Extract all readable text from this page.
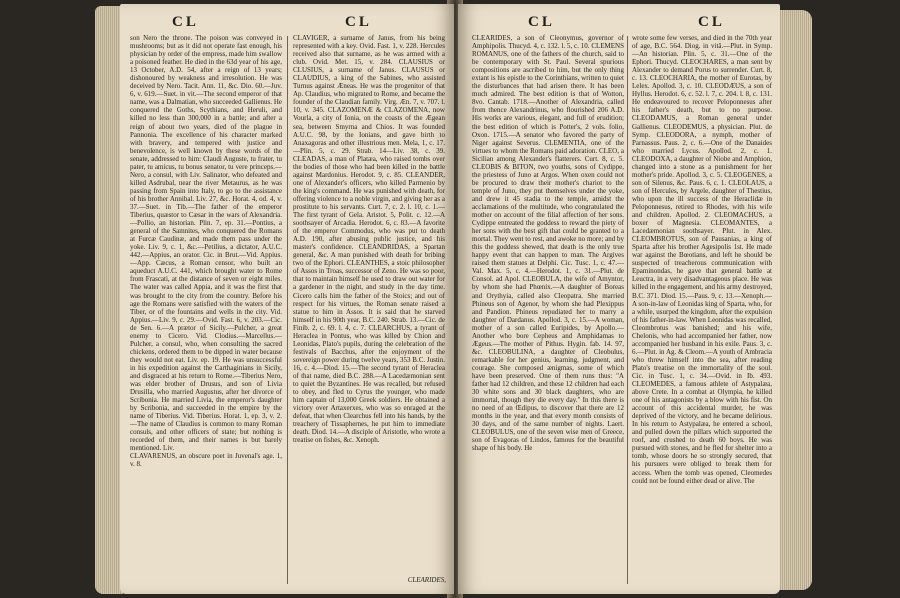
CL	CL

son Nero the throne. The poison was conveyed in mushrooms; but as it did not operate fast enough, his physician by order of the empress, made him swallow a poisoned feather. He died in the 63d year of his age, 13 October, A.D. 54, after a reign of 13 years; dishonoured by weakness and irresolution. He was deceived by Nero. Tacit. Ann. 11, &c. Dio. 60.—Juv. 6, v. 619.—Suet. in vit.—The second emperor of that name, was a Dalmatian, who succeeded Gallienus. He conquered the Goths, Scythians, and Heruli, and killed no less than 300,000 in a battle; and after a reign of about two years, died of the plague in Pannonia. The excellence of his character marked with bravery, and tempered with justice and benevolence, is well known by these words of the senate, addressed to him: Claudi Auguste, tu frater, tu pater, tu amicus, tu bonus senator, tu vere princeps.—Nero, a consul, with Liv. Salinator, who defeated and killed Asdrubal, near the river Metaurus, as he was passing from Spain into Italy, to go to the assistance of his brother Annibal. Liv. 27, &c. Horat. 4, od. 4, v. 37.—Suet. in Tib.—The father of the emperor Tiberius, quæstor to Cæsar in the wars of Alexandria.—Pollio, an historian. Plin. 7, ep. 31.—Pontius, a general of the Samnites, who conquered the Romans at Furcæ Caudinæ, and made them pass under the yoke. Liv. 9, c. 1, &c.—Petilius, a dictator, A.U.C. 442.—Appius, an orator. Cic. in Brut.—Vid. Appius.—App. Cæcus, a Roman censor, who built an aqueduct A.U.C. 441, which brought water to Rome from Frascati, at the distance of seven or eight miles. The water was called Appia, and it was the first that was brought to the city from the country. Before his age the Romans were satisfied with the waters of the Tiber, or of the fountains and wells in the city. Vid. Appius.—Liv. 9, c. 29.—Ovid. Fast. 6, v. 203.—Cic. de Sen. 6.—A prætor of Sicily.—Pulcher, a great enemy to Cicero. Vid. Clodius.—Marcellus.—Pulcher, a consul, who, when consulting the sacred chickens, ordered them to be dipped in water because they would not eat. Liv. ep. 19. He was unsuccessful in his expedition against the Carthaginians in Sicily, and disgraced at his return to Rome.—Tiberius Nero, was elder brother of Drusus, and son of Livia Drusilla, who married Augustus, after her divorce of Scribonia. He married Livia, the emperor's daughter by Scribonia, and succeeded in the empire by the name of Tiberius. Vid. Tiberius. Horat. 1, ep. 3, v. 2.—The name of Claudius is common to many Roman consuls, and other officers of state; but nothing is recorded of them, and their names is but barely mentioned. Liv.

CLAVARENUS, an obscure poet in Juvenal's age. 1, v. 8.

CLAVIGER, a surname of Janus, from his being represented with a key. Ovid. Fast. 1, v. 228. Hercules received also that surname, as he was armed with a club. Ovid. Met. 15, v. 284. CLAUSIUS or CLUSIUS, a surname of Janus. CLAUSUS or CLAUDIUS, a king of the Sabines, who assisted Turnus against Æneas. He was the progenitor of that Ap. Claudius, who migrated to Rome, and became the founder of the Claudian family. Virg. Æn. 7, v. 707. l. 10, v. 345. CLAZOMENÆ & CLAZOMENA, now Vourla, a city of Ionia, on the coasts of the Ægean sea, between Smyrna and Chios. It was founded A.U.C. 98, by the Ionians, and gave birth to Anaxagoras and other illustrious men. Mela, 1, c. 17.—Plin. 5, c. 29. Strab. 14—Liv. 38, c. 39. CLEADAS, a man of Platæa, who raised tombs over the bodies of those who had been killed in the battle against Mardonius. Herodot. 9, c. 85. CLEANDER, one of Alexander's officers, who killed Parmenio by the king's command. He was punished with death, for offering violence to a noble virgin, and giving her as a prostitute to his servants. Curt. 7, c. 2. l. 10, c. 1.—The first tyrant of Gela. Aristot. 5, Polit. c. 12.—A soothsayer of Arcadia. Herodot. 6, c. 83.—A favorite of the emperor Commodus, who was put to death A.D. 190, after abusing public justice, and his master's confidence. CLEANDRIDAS, a Spartan general, &c. A man punished with death for bribing two of the Ephori. CLEANTHES, a stoic philosopher of Assos in Troas, successor of Zeno. He was so poor, that to maintain himself he used to draw out water for a gardener in the night, and study in the day time. Cicero calls him the father of the Stoics; and out of respect for his virtues, the Roman senate raised a statue to him in Assos. It is said that he starved himself in his 90th year, B.C. 240. Strab. 13.—Cic. de Finib. 2, c. 69. l. 4, c. 7. CLEARCHUS, a tyrant of Heraclea in Pontus, who was killed by Chion and Leonidas, Plato's pupils, during the celebration of the festivals of Bacchus, after the enjoyment of the sovereign power during twelve years, 353 B.C. Justin. 16, c. 4.—Diod. 15.—The second tyrant of Heraclea of that name, died B.C. 288.—A Lacedæmonian sent to quiet the Byzantines. He was recalled, but refused to obey, and fled to Cyrus the younger, who made him captain of 13,000 Greek soldiers. He obtained a victory over Artaxerxes, who was so enraged at the defeat, that when Clearchus fell into his hands, by the treachery of Tissaphernes, he put him to immediate death. Diod. 14.—A disciple of Aristotle, who wrote a treatise on fishes, &c. Xenoph.

CLEARIDES,
CL	CL

CLEARIDES, a son of Cleonymus, governor of Amphipolis. Thucyd. 4, c. 132. l. 5, c. 10. CLEMENS ROMANUS, one of the fathers of the church, said to be contemporary with St. Paul. Several spurious compositions are ascribed to him, but the only thing extant is his epistle to the Corinthians, written to quiet the disturbances that had arisen there. It has been much admired. The best edition is that of Wotton, 8vo. Cantab. 1718.—Another of Alexandria, called from thence Alexandrinus, who flourished 206 A.D. His works are various, elegant, and full of erudition; the best edition of which is Potter's, 2 vols. folio, Oxon. 1715.—A senator who favored the party of Niger against Severus. CLEMENTIA, one of the virtues to whom the Romans paid adoration. CLEO, a Sicilian among Alexander's flatterers. Curt. 8, c. 5. CLEOBIS & BITON, two youths, sons of Cydippe, the priestess of Juno at Argos. When oxen could not be procured to draw their mother's chariot to the temple of Juno, they put themselves under the yoke, and drew it 45 stadia to the temple, amidst the acclamations of the multitude, who congratulated the mother on account of the filial affection of her sons. Cydippe entreated the goddess to reward the piety of her sons with the best gift that could be granted to a mortal. They went to rest, and awoke no more; and by this the goddess shewed, that death is the only true happy event that can happen to man. The Argives raised them statues at Delphi. Cic. Tusc. 1, c. 47.—Val. Max. 5, c. 4.—Herodot. 1, c. 31.—Plut. de Consol. ad Apol. CLEOBULA, the wife of Amyntor, by whom she had Phœnix.—A daughter of Boreas and Orythyia, called also Cleopatra. She married Phineus son of Agenor, by whom she had Plexippus and Pandion. Phineus repudiated her to marry a daughter of Dardanus. Apollod. 3, c. 15.—A woman, mother of a son called Euripides, by Apollo.—Another who bore Cepheus and Amphidamas to Ægeus.—The mother of Pithus. Hygin. fab. 14. 97, &c. CLEOBULINA, a daughter of Cleobulus, remarkable for her genius, learning, judgment, and courage. She composed ænigmas, some of which have been preserved. One of them runs thus: "A father had 12 children, and these 12 children had each 30 white sons and 30 black daughters, who are immortal, though they die every day." In this there is no need of an Œdipus, to discover that there are 12 months in the year, and that every month consists of 30 days, and of the same number of nights. Laert. CLEOBULUS, one of the seven wise men of Greece, son of Evagoras of Lindos, famous for the beautiful shape of his body. He

wrote some few verses, and died in the 70th year of age, B.C. 564. Diog. in vitâ.—Plut. in Symp.—An historian. Plin. 5, c. 31.—One of the Ephori. Thucyd. CLEOCHARES, a man sent by Alexander to demand Porus to surrender. Curt. 8, c. 13. CLEOCHARIA, the mother of Eurotas, by Lelex. Apollod. 3, c. 10. CLEODÆUS, a son of Hyllus. Herodot. 6, c. 52. l. 7, c. 204. l. 8, c. 131. He endeavoured to recover Peloponnesus after his father's death, but to no purpose. CLEODAMUS, a Roman general under Gallienus. CLEODEMUS, a physician. Plut. de Symp. CLEODORA, a nymph, mother of Parnassus. Paus. 2, c. 6.—One of the Danaides who married Lycus. Apollod. 2, c. 1. CLEODOXA, a daughter of Niobe and Amphion, changed into a stone as a punishment for her mother's pride. Apollod. 3, c. 5. CLEOGENES, a son of Silenus, &c. Paus. 6, c. 1. CLEOLAUS, a son of Hercules, by Argele, daughter of Thestius, who upon the ill success of the Heraclidæ in Peloponnesus, retired to Rhodes, with his wife and children. Apollod. 2. CLEOMACHUS, a boxer of Magnesia. CLEOMANTES, a Lacedæmonian soothsayer. Plut. in Alex. CLEOMBROTUS, son of Pausanias, a king of Sparta after his brother Agesipolis 1st. He made war against the Bœotians, and left he should be suspected of treacherous communication with Epaminondas, he gave that general battle at Leuctra, in a very disadvantageous place. He was killed in the engagement, and his army destroyed, B.C. 371. Diod. 15.—Paus. 9, c. 13.—Xenoph.—A son-in-law of Leonidas king of Sparta, who, for a while, usurped the kingdom, after the expulsion of his father-in-law. When Leonidas was recalled, Cleombrotus was banished; and his wife, Chelonis, who had accompanied her father, now accompanied her husband in his exile. Paus. 3, c. 6.—Plut. in Ag. & Cleom.—A youth of Ambracia who threw himself into the sea, after reading Plato's treatise on the immortality of the soul. Cic. in Tusc. 1, c. 34.—Ovid. in Ib. 493. CLEOMEDES, a famous athlete of Astypalæa, above Crete. In a combat at Olympia, he killed one of his antagonists by a blow with his fist. On account of this accidental murder, he was deprived of the victory, and he became delirious. In his return to Astypalæa, he entered a school, and pulled down the pillars which supported the roof, and crushed to death 60 boys. He was pursued with stones, and he fled for shelter into a tomb, whose doors he so strongly secured, that his pursuers were obliged to break them for access. When the tomb was opened, Cleomedes could not be found either dead or alive. The
